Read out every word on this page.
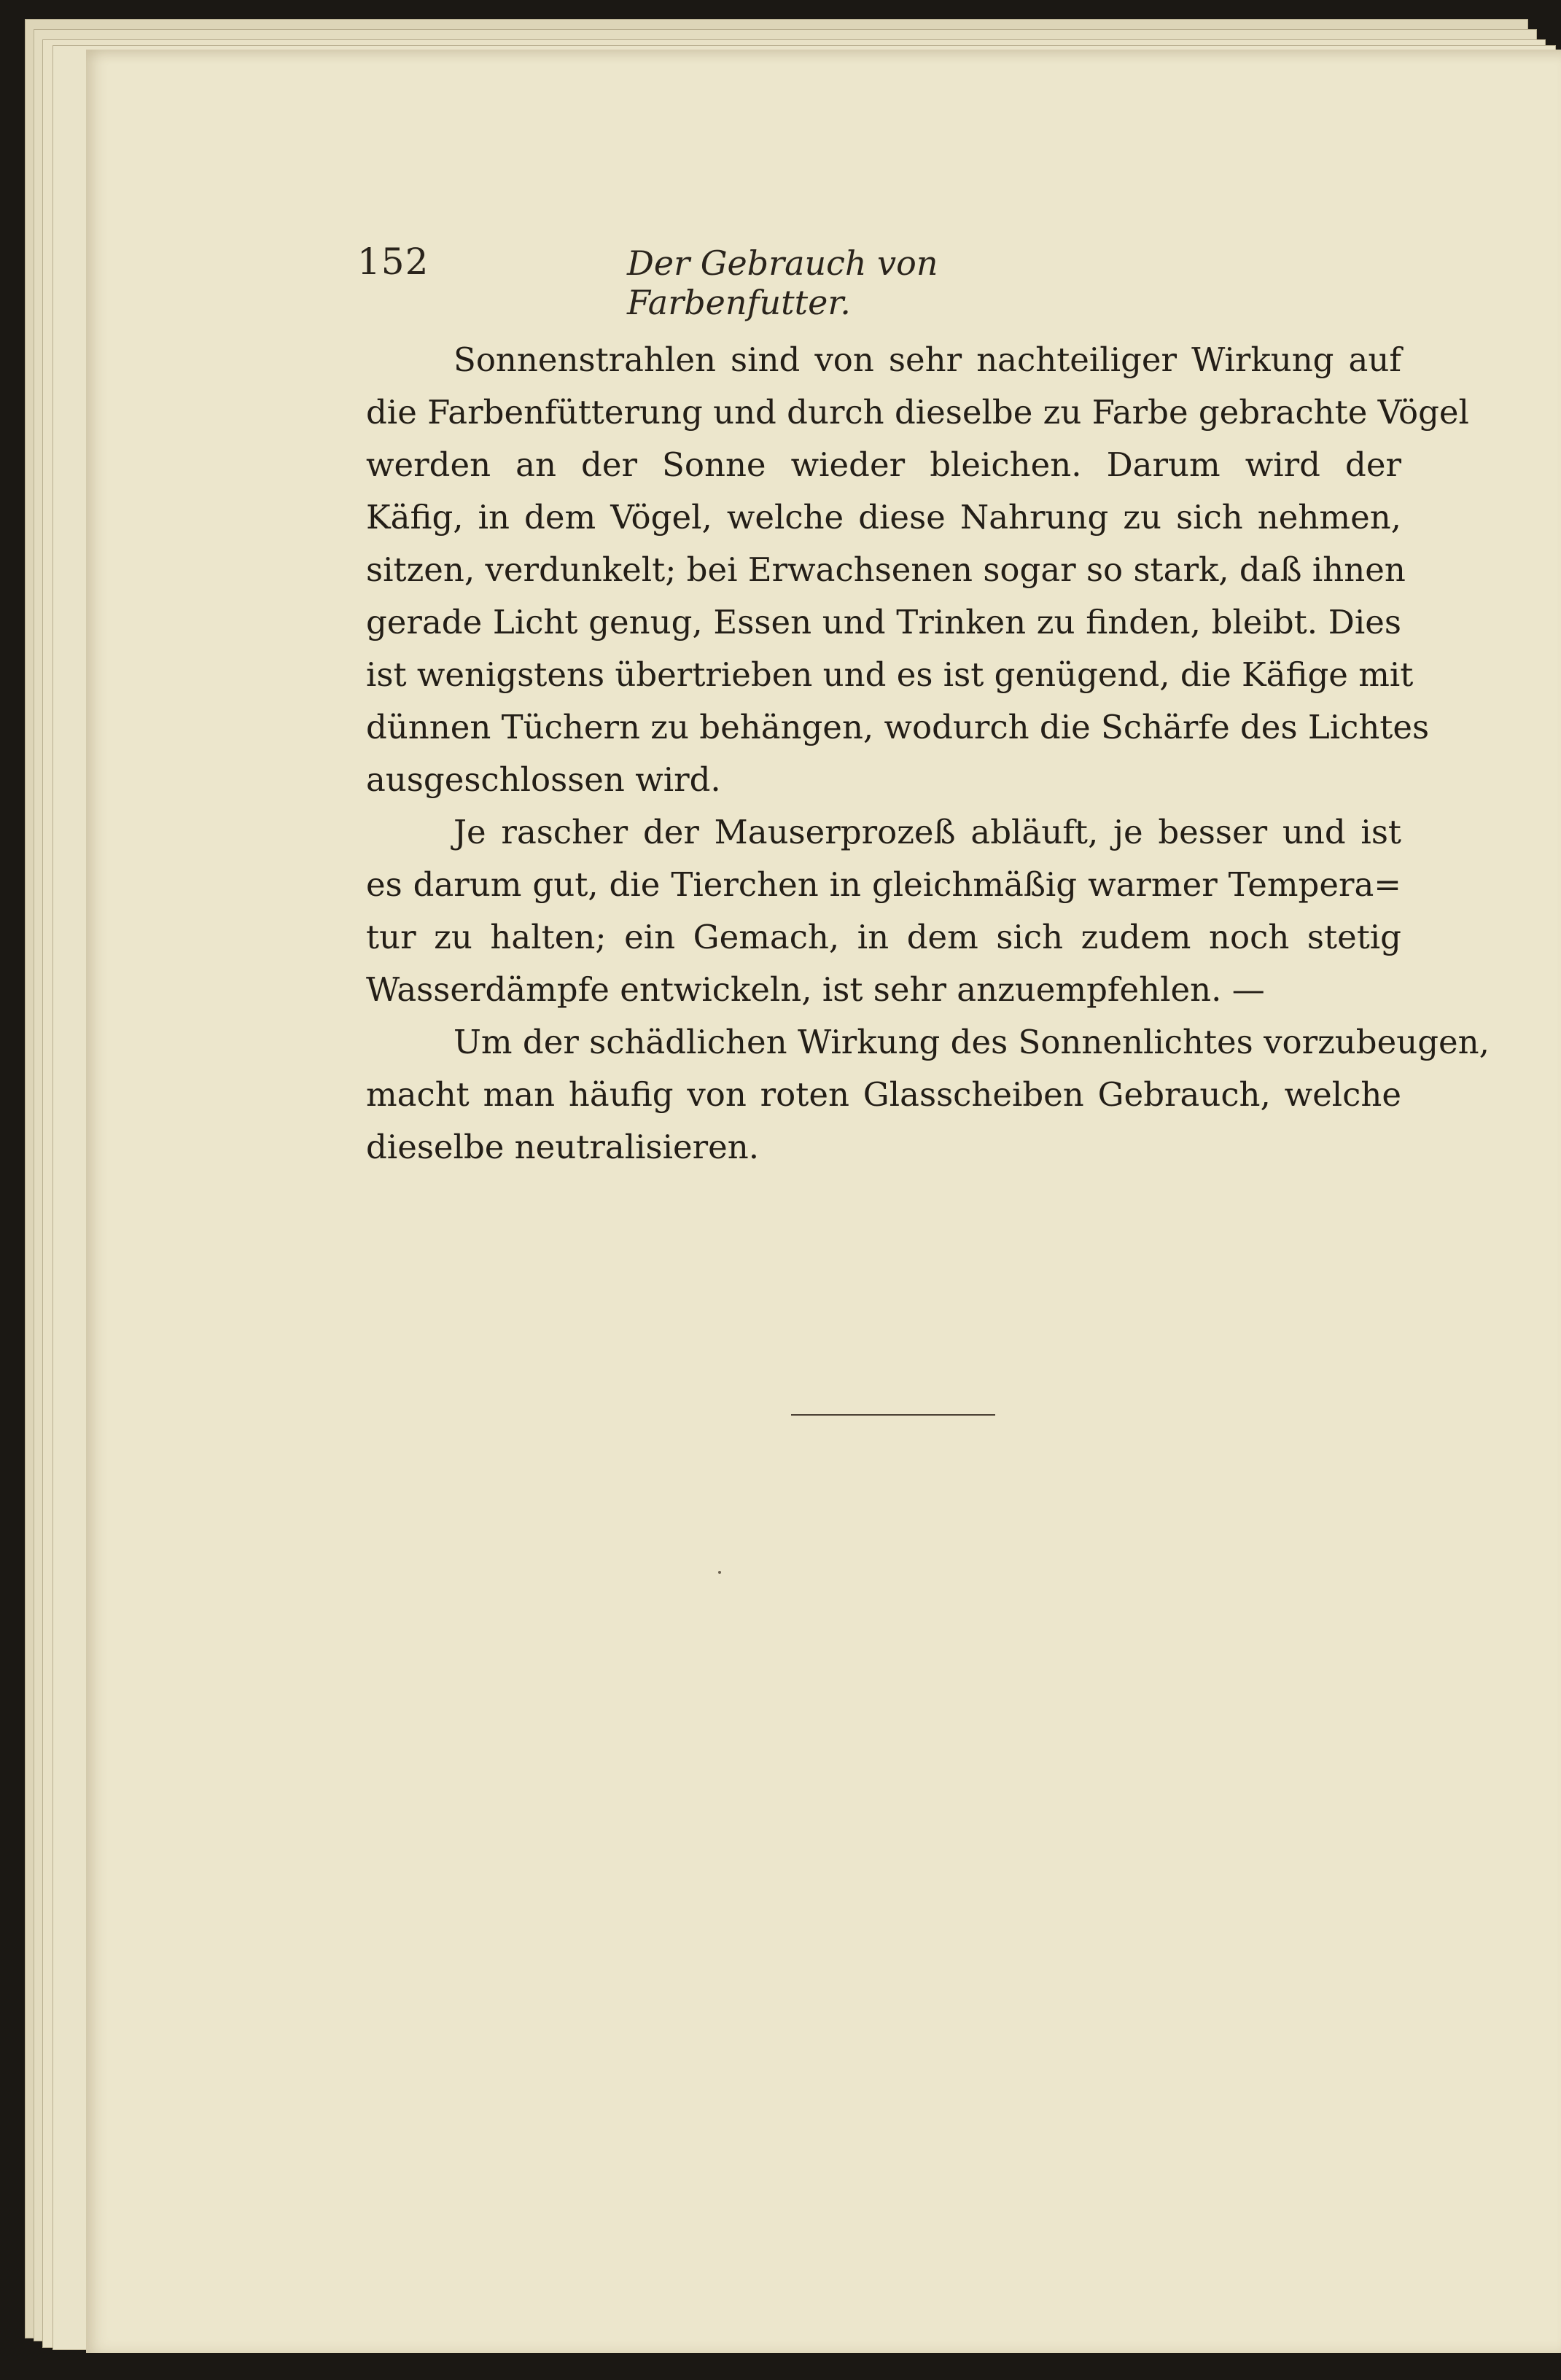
152	Der Gebrauch von Farbenfutter.
Sonnenstrahlen sind von sehr nachteiliger Wirkung auf
die Farbenfütterung und durch dieselbe zu Farbe gebrachte Vögel
werden an der Sonne wieder bleichen. Darum wird der
Käfig, in dem Vögel, welche diese Nahrung zu sich nehmen,
sitzen, verdunkelt; bei Erwachsenen sogar so stark, daß ihnen
gerade Licht genug, Essen und Trinken zu finden, bleibt. Dies
ist wenigstens übertrieben und es ist genügend, die Käfige mit
dünnen Tüchern zu behängen, wodurch die Schärfe des Lichtes
ausgeschlossen wird.
Je rascher der Mauserprozeß abläuft, je besser und ist
es darum gut, die Tierchen in gleichmäßig warmer Tempera=
tur zu halten; ein Gemach, in dem sich zudem noch stetig
Wasserdämpfe entwickeln, ist sehr anzuempfehlen. —
Um der schädlichen Wirkung des Sonnenlichtes vorzubeugen,
macht man häufig von roten Glasscheiben Gebrauch, welche
dieselbe neutralisieren.
